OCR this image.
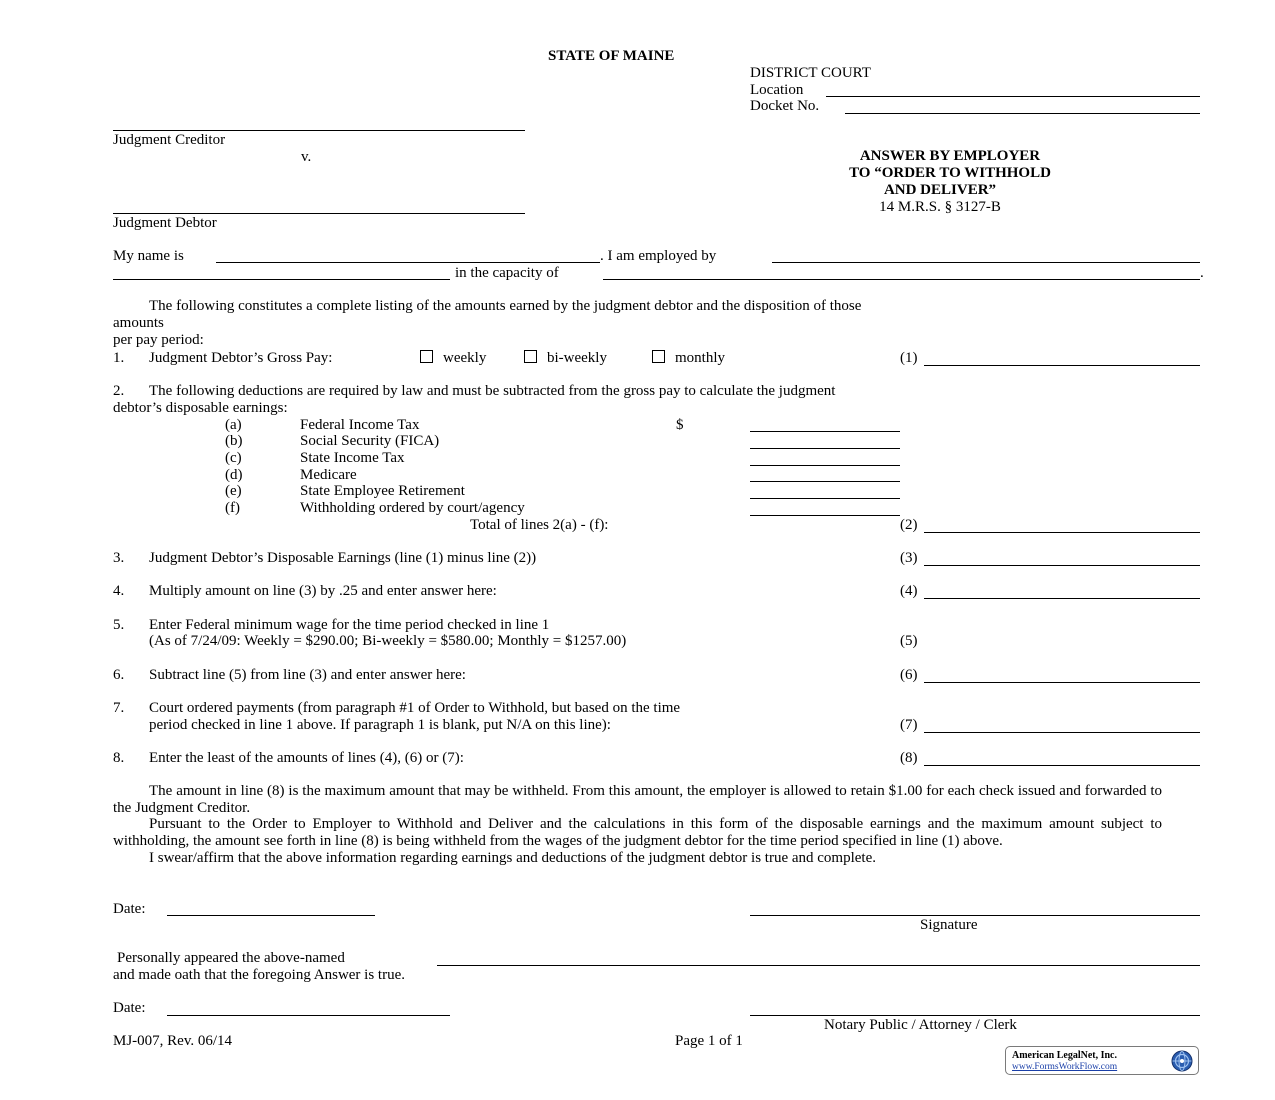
STATE OF MAINE
DISTRICT COURT
Location
Docket No.
Judgment Creditor
v.
Judgment Debtor
ANSWER BY EMPLOYER
TO “ORDER TO WITHHOLD
AND DELIVER”
14 M.R.S. § 3127-B
My name is	. I am employed by
in the capacity of	.
The following constitutes a complete listing of the amounts earned by the judgment debtor and the disposition of those
amounts
per pay period:
1. Judgment Debtor’s Gross Pay:	weekly	bi-weekly	monthly	(1)
2. The following deductions are required by law and must be subtracted from the gross pay to calculate the judgment
debtor’s disposable earnings:
(a)	Federal Income Tax	$
(b)	Social Security (FICA)
(c)	State Income Tax
(d)	Medicare
(e)	State Employee Retirement
(f)	Withholding ordered by court/agency
Total of lines 2(a) - (f):	(2)
3. Judgment Debtor’s Disposable Earnings (line (1) minus line (2))	(3)
4. Multiply amount on line (3) by .25 and enter answer here:	(4)
5. Enter Federal minimum wage for the time period checked in line 1
(As of 7/24/09: Weekly = $290.00; Bi-weekly = $580.00; Monthly = $1257.00)	(5)
6. Subtract line (5) from line (3) and enter answer here:	(6)
7. Court ordered payments (from paragraph #1 of Order to Withhold, but based on the time
period checked in line 1 above. If paragraph 1 is blank, put N/A on this line):	(7)
8. Enter the least of the amounts of lines (4), (6) or (7):	(8)

The amount in line (8) is the maximum amount that may be withheld. From this amount, the employer is allowed to retain $1.00 for each check issued and forwarded to the Judgment Creditor.

Pursuant to the Order to Employer to Withhold and Deliver and the calculations in this form of the disposable earnings and the maximum amount subject to withholding, the amount see forth in line (8) is being withheld from the wages of the judgment debtor for the time period specified in line (1) above.

I swear/affirm that the above information regarding earnings and deductions of the judgment debtor is true and complete.

Date:
Signature
Personally appeared the above-named
and made oath that the foregoing Answer is true.
Date:
Notary Public / Attorney / Clerk
MJ-007, Rev. 06/14	Page 1 of 1
American LegalNet, Inc.
www.FormsWorkFlow.com
